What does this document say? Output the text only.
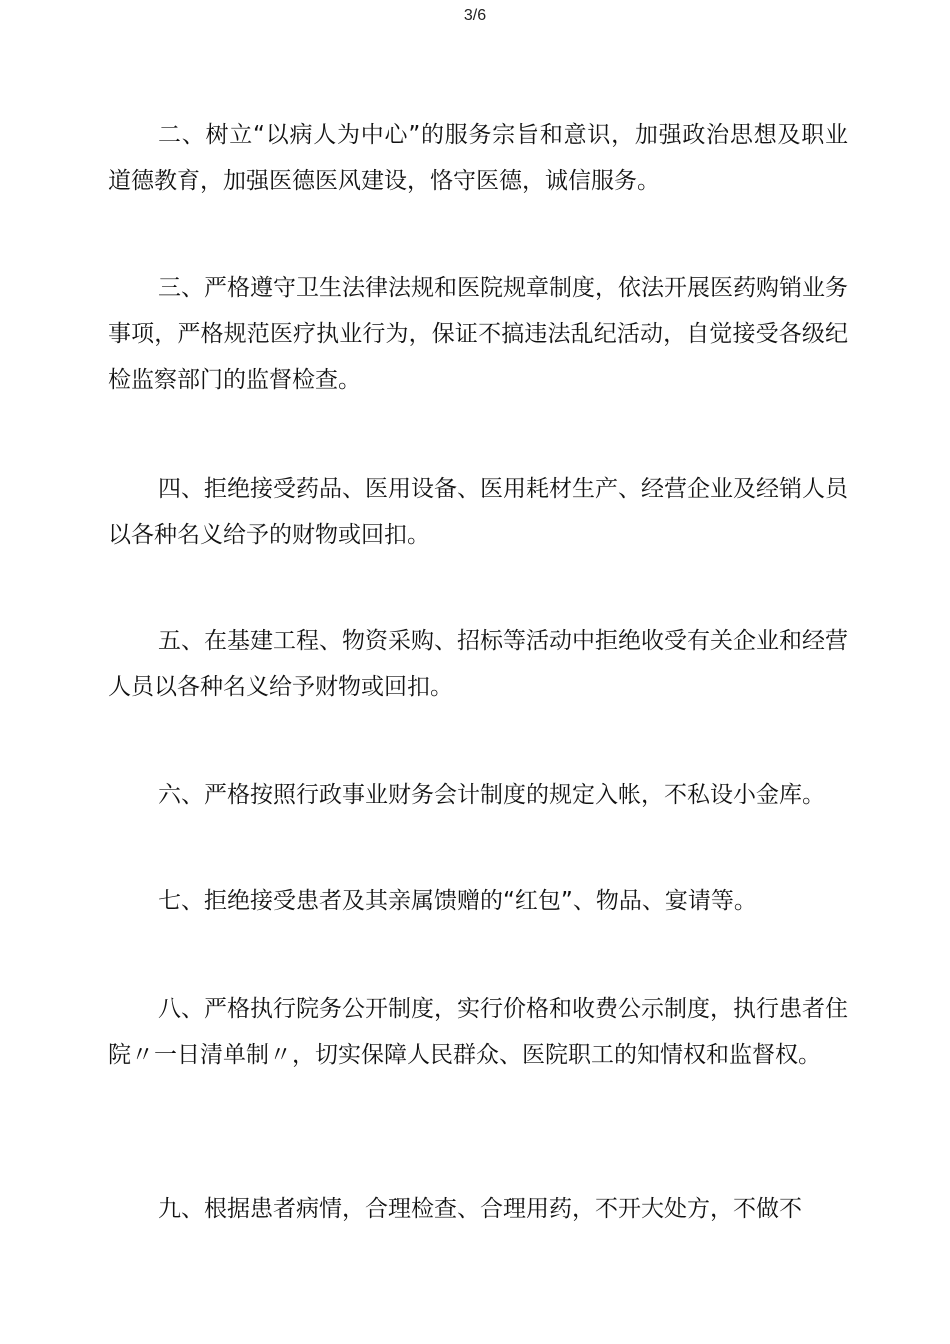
3/6

二、树立“以病人为中心”的服务宗旨和意识，加强政治思想及职业道德教育，加强医德医风建设，恪守医德，诚信服务。

三、严格遵守卫生法律法规和医院规章制度，依法开展医药购销业务事项，严格规范医疗执业行为，保证不搞违法乱纪活动，自觉接受各级纪检监察部门的监督检查。

四、拒绝接受药品、医用设备、医用耗材生产、经营企业及经销人员以各种名义给予的财物或回扣。

五、在基建工程、物资采购、招标等活动中拒绝收受有关企业和经营人员以各种名义给予财物或回扣。

六、严格按照行政事业财务会计制度的规定入帐，不私设小金库。

七、拒绝接受患者及其亲属馈赠的“红包”、物品、宴请等。

八、严格执行院务公开制度，实行价格和收费公示制度，执行患者住院〃一日清单制〃，切实保障人民群众、医院职工的知情权和监督权。

九、根据患者病情，合理检查、合理用药，不开大处方，不做不
